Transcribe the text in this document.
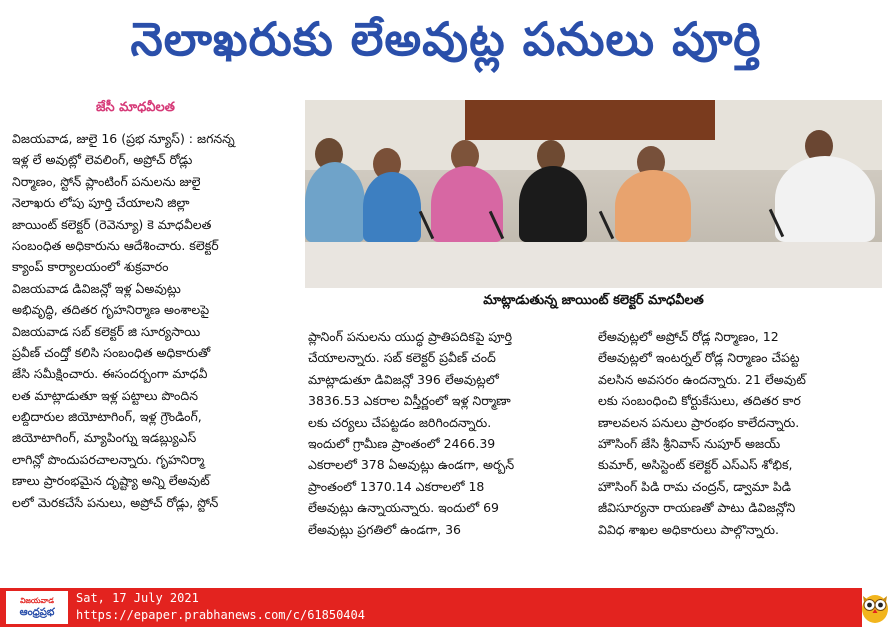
నెలాఖరుకు లేఅవుట్ల పనులు పూర్తి
జేసీ మాధవీలత
విజయవాడ, జులై 16 (ప్రభ న్యూస్) : జగనన్న
ఇళ్ల లే అవుట్లో లెవలింగ్, అప్రోచ్ రోడ్లు
నిర్మాణం, స్టోన్ ప్లాంటింగ్ పనులను జులై
నెలాఖరు లోపు పూర్తి చేయాలని జిల్లా
జాయింట్ కలెక్టర్ (రెవెన్యూ) కె మాధవీలత
సంబంధిత అధికారును ఆదేశించారు. కలెక్టర్
క్యాంప్ కార్యాలయంలో శుక్రవారం
విజయవాడ డివిజన్లో ఇళ్ల ఏఅవుట్లు
అభివృద్ధి, తదితర గృహనిర్మాణ అంశాలపై
విజయవాడ సబ్ కలెక్టర్ జి సూర్యసాయి
ప్రవీణ్ చంద్తో కలిసి సంబంధిత అధికారుతో
జేసి సమీక్షించారు. ఈసందర్బంగా మాధవీ
లత మాట్లాడుతూ ఇళ్ల పట్టాలు పొందిన
లబ్దిదారుల జియోటాగింగ్, ఇళ్ల గ్రౌండింగ్,
జియోటాగింగ్, మ్యాపింగ్ను ఇడబ్ల్యుఎస్
లాగిన్లో పొందుపరచాలన్నారు. గృహనిర్మా
ణాలు ప్రారంభమైన దృష్ట్యా అన్ని లేఅవుట్
లలో మెరకచేసే పనులు, అప్రోచ్ రోడ్లు, స్టోన్
మాట్లాడుతున్న జాయింట్ కలెక్టర్ మాధవీలత
ప్లానింగ్ పనులను యుద్ధ ప్రాతిపదికపై పూర్తి
చేయాలన్నారు. సబ్ కలెక్టర్ ప్రవీణ్ చంద్
మాట్లాడుతూ డివిజన్లో 396 లేఅవుట్లలో
3836.53 ఎకరాల విస్తీర్ణంలో ఇళ్ల నిర్మాణా
లకు చర్యలు చేపట్టడం జరిగిందన్నారు.
ఇందులో గ్రామీణ ప్రాంతంలో 2466.39
ఎకరాలలో 378 ఏఅవుట్లు ఉండగా, అర్బన్
ప్రాంతంలో 1370.14 ఎకరాలలో 18
లేఅవుట్లు ఉన్నాయన్నారు. ఇందులో 69
లేఅవుట్లు ప్రగతిలో ఉండగా, 36
లేఅవుట్లలో అప్రోచ్ రోడ్ల నిర్మాణం, 12
లేఅవుట్లలో ఇంటర్నల్ రోడ్ల నిర్మాణం చేపట్ట
వలసిన అవసరం ఉందన్నారు. 21 లేఅవుట్
లకు సంబంధించి కోర్టుకేసులు, తదితర కార
ణాలవలన పనులు ప్రారంభం కాలేదన్నారు.
హౌసింగ్ జేసి శ్రీనివాస్ నుపూర్ అజయ్
కుమార్, అసిస్టెంట్ కలెక్టర్ ఎస్ఎస్ శోభిక,
హౌసింగ్ పిడి రామ చంద్రన్, డ్వామా పిడి
జీవిసూర్యనా రాయణతో పాటు డివిజన్లోని
వివిధ శాఖల అధికారులు పాల్గొన్నారు.
విజయవాడ
ఆంధ్రప్రభ
Sat, 17 July 2021
https://epaper.prabhanews.com/c/61850404
